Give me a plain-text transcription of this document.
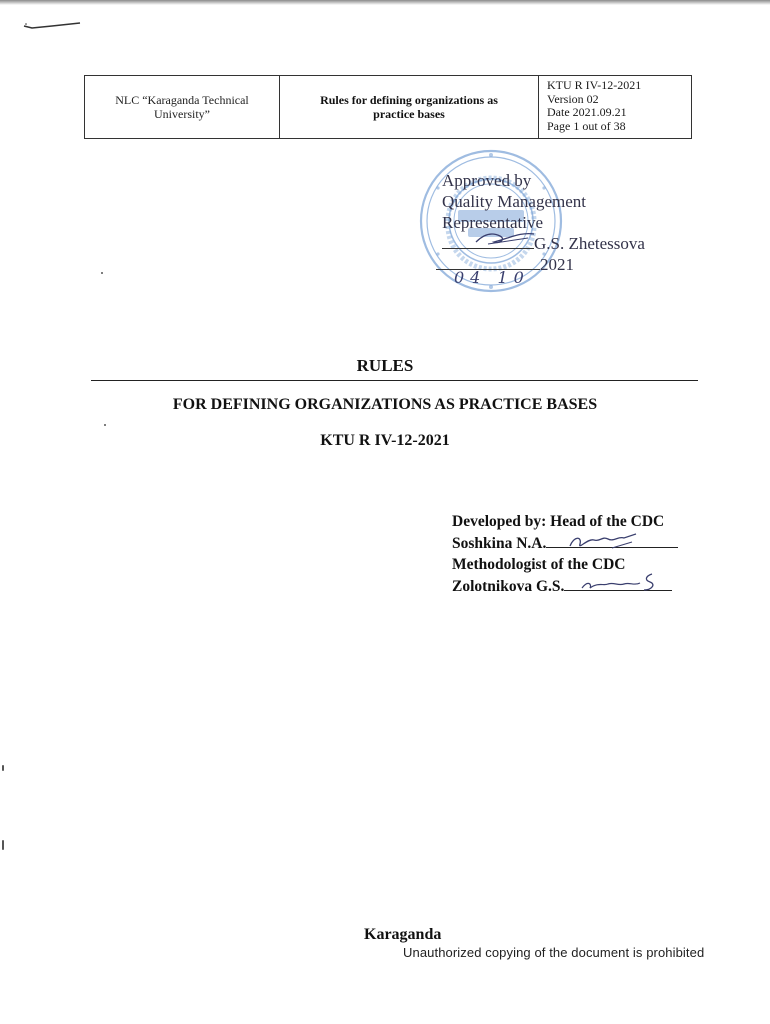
NLC “Karaganda Technical University”
Rules for defining organizations as practice bases
KTU R IV-12-2021
Version 02
Date 2021.09.21
Page 1 out of 38
Approved by
Quality Management
Representative
G.S. Zhetessova
04 10
2021
RULES
FOR DEFINING ORGANIZATIONS AS PRACTICE BASES
KTU R IV-12-2021
Developed by: Head of the CDC
Soshkina N.A.
Methodologist of the CDC
Zolotnikova G.S.
Karaganda
Unauthorized copying of the document is prohibited
